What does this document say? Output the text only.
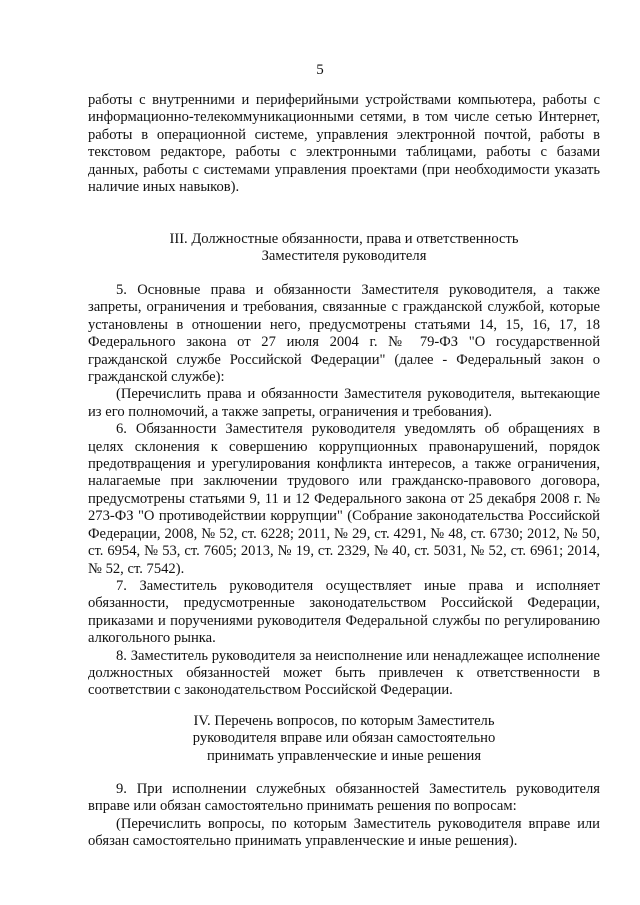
5

работы с внутренними и периферийными устройствами компьютера, работы с информационно-телекоммуникационными сетями, в том числе сетью Интернет, работы в операционной системе, управления электронной почтой, работы в текстовом редакторе, работы с электронными таблицами, работы с базами данных, работы с системами управления проектами (при необходимости указать наличие иных навыков).

III. Должностные обязанности, права и ответственность

Заместителя руководителя

5. Основные права и обязанности Заместителя руководителя, а также запреты, ограничения и требования, связанные с гражданской службой, которые установлены в отношении него, предусмотрены статьями 14, 15, 16, 17, 18 Федерального закона от 27 июля 2004 г. № 79-ФЗ "О государственной гражданской службе Российской Федерации" (далее - Федеральный закон о гражданской службе):

(Перечислить права и обязанности Заместителя руководителя, вытекающие из его полномочий, а также запреты, ограничения и требования).

6. Обязанности Заместителя руководителя уведомлять об обращениях в целях склонения к совершению коррупционных правонарушений, порядок предотвращения и урегулирования конфликта интересов, а также ограничения, налагаемые при заключении трудового или гражданско-правового договора, предусмотрены статьями 9, 11 и 12 Федерального закона от 25 декабря 2008 г. № 273-ФЗ "О противодействии коррупции" (Собрание законодательства Российской Федерации, 2008, № 52, ст. 6228; 2011, № 29, ст. 4291, № 48, ст. 6730; 2012, № 50, ст. 6954, № 53, ст. 7605; 2013, № 19, ст. 2329, № 40, ст. 5031, № 52, ст. 6961; 2014, № 52, ст. 7542).

7. Заместитель руководителя осуществляет иные права и исполняет обязанности, предусмотренные законодательством Российской Федерации, приказами и поручениями руководителя Федеральной службы по регулированию алкогольного рынка.

8. Заместитель руководителя за неисполнение или ненадлежащее исполнение должностных обязанностей может быть привлечен к ответственности в соответствии с законодательством Российской Федерации.

IV. Перечень вопросов, по которым Заместитель

руководителя вправе или обязан самостоятельно

принимать управленческие и иные решения

9. При исполнении служебных обязанностей Заместитель руководителя вправе или обязан самостоятельно принимать решения по вопросам:

(Перечислить вопросы, по которым Заместитель руководителя вправе или обязан самостоятельно принимать управленческие и иные решения).
